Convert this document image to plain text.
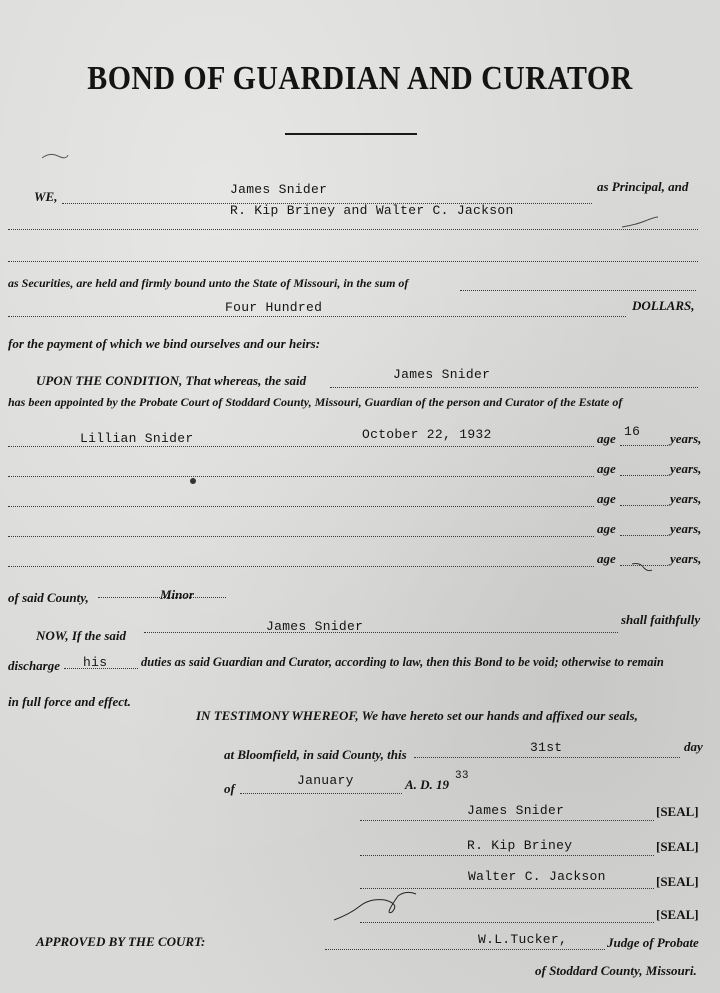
BOND OF GUARDIAN AND CURATOR
WE,	James Snider	as Principal, and
R. Kip Briney and Walter C. Jackson
as Securities, are held and firmly bound unto the State of Missouri, in the sum of
Four Hundred	DOLLARS,
for the payment of which we bind ourselves and our heirs:
UPON THE CONDITION, That whereas, the said	James Snider
has been appointed by the Probate Court of Stoddard County, Missouri, Guardian of the person and Curator of the Estate of
Lillian Snider	October 22, 1932	age 16 years,
age	years,
age	years,
age	years,
age	years,
of said County,	Minor
NOW, If the said
James Snider	shall faithfully
discharge his	duties as said Guardian and Curator, according to law, then this Bond to be void; otherwise to remain
in full force and effect.
IN TESTIMONY WHEREOF, We have hereto set our hands and affixed our seals,
at Bloomfield, in said County, this	31st	day
of
January	A. D. 19
33
James Snider	[SEAL]
R. Kip Briney	[SEAL]
Walter C. Jackson	[SEAL]
[SEAL]
APPROVED BY THE COURT:	W.L.Tucker,	Judge of Probate
of Stoddard County, Missouri.
